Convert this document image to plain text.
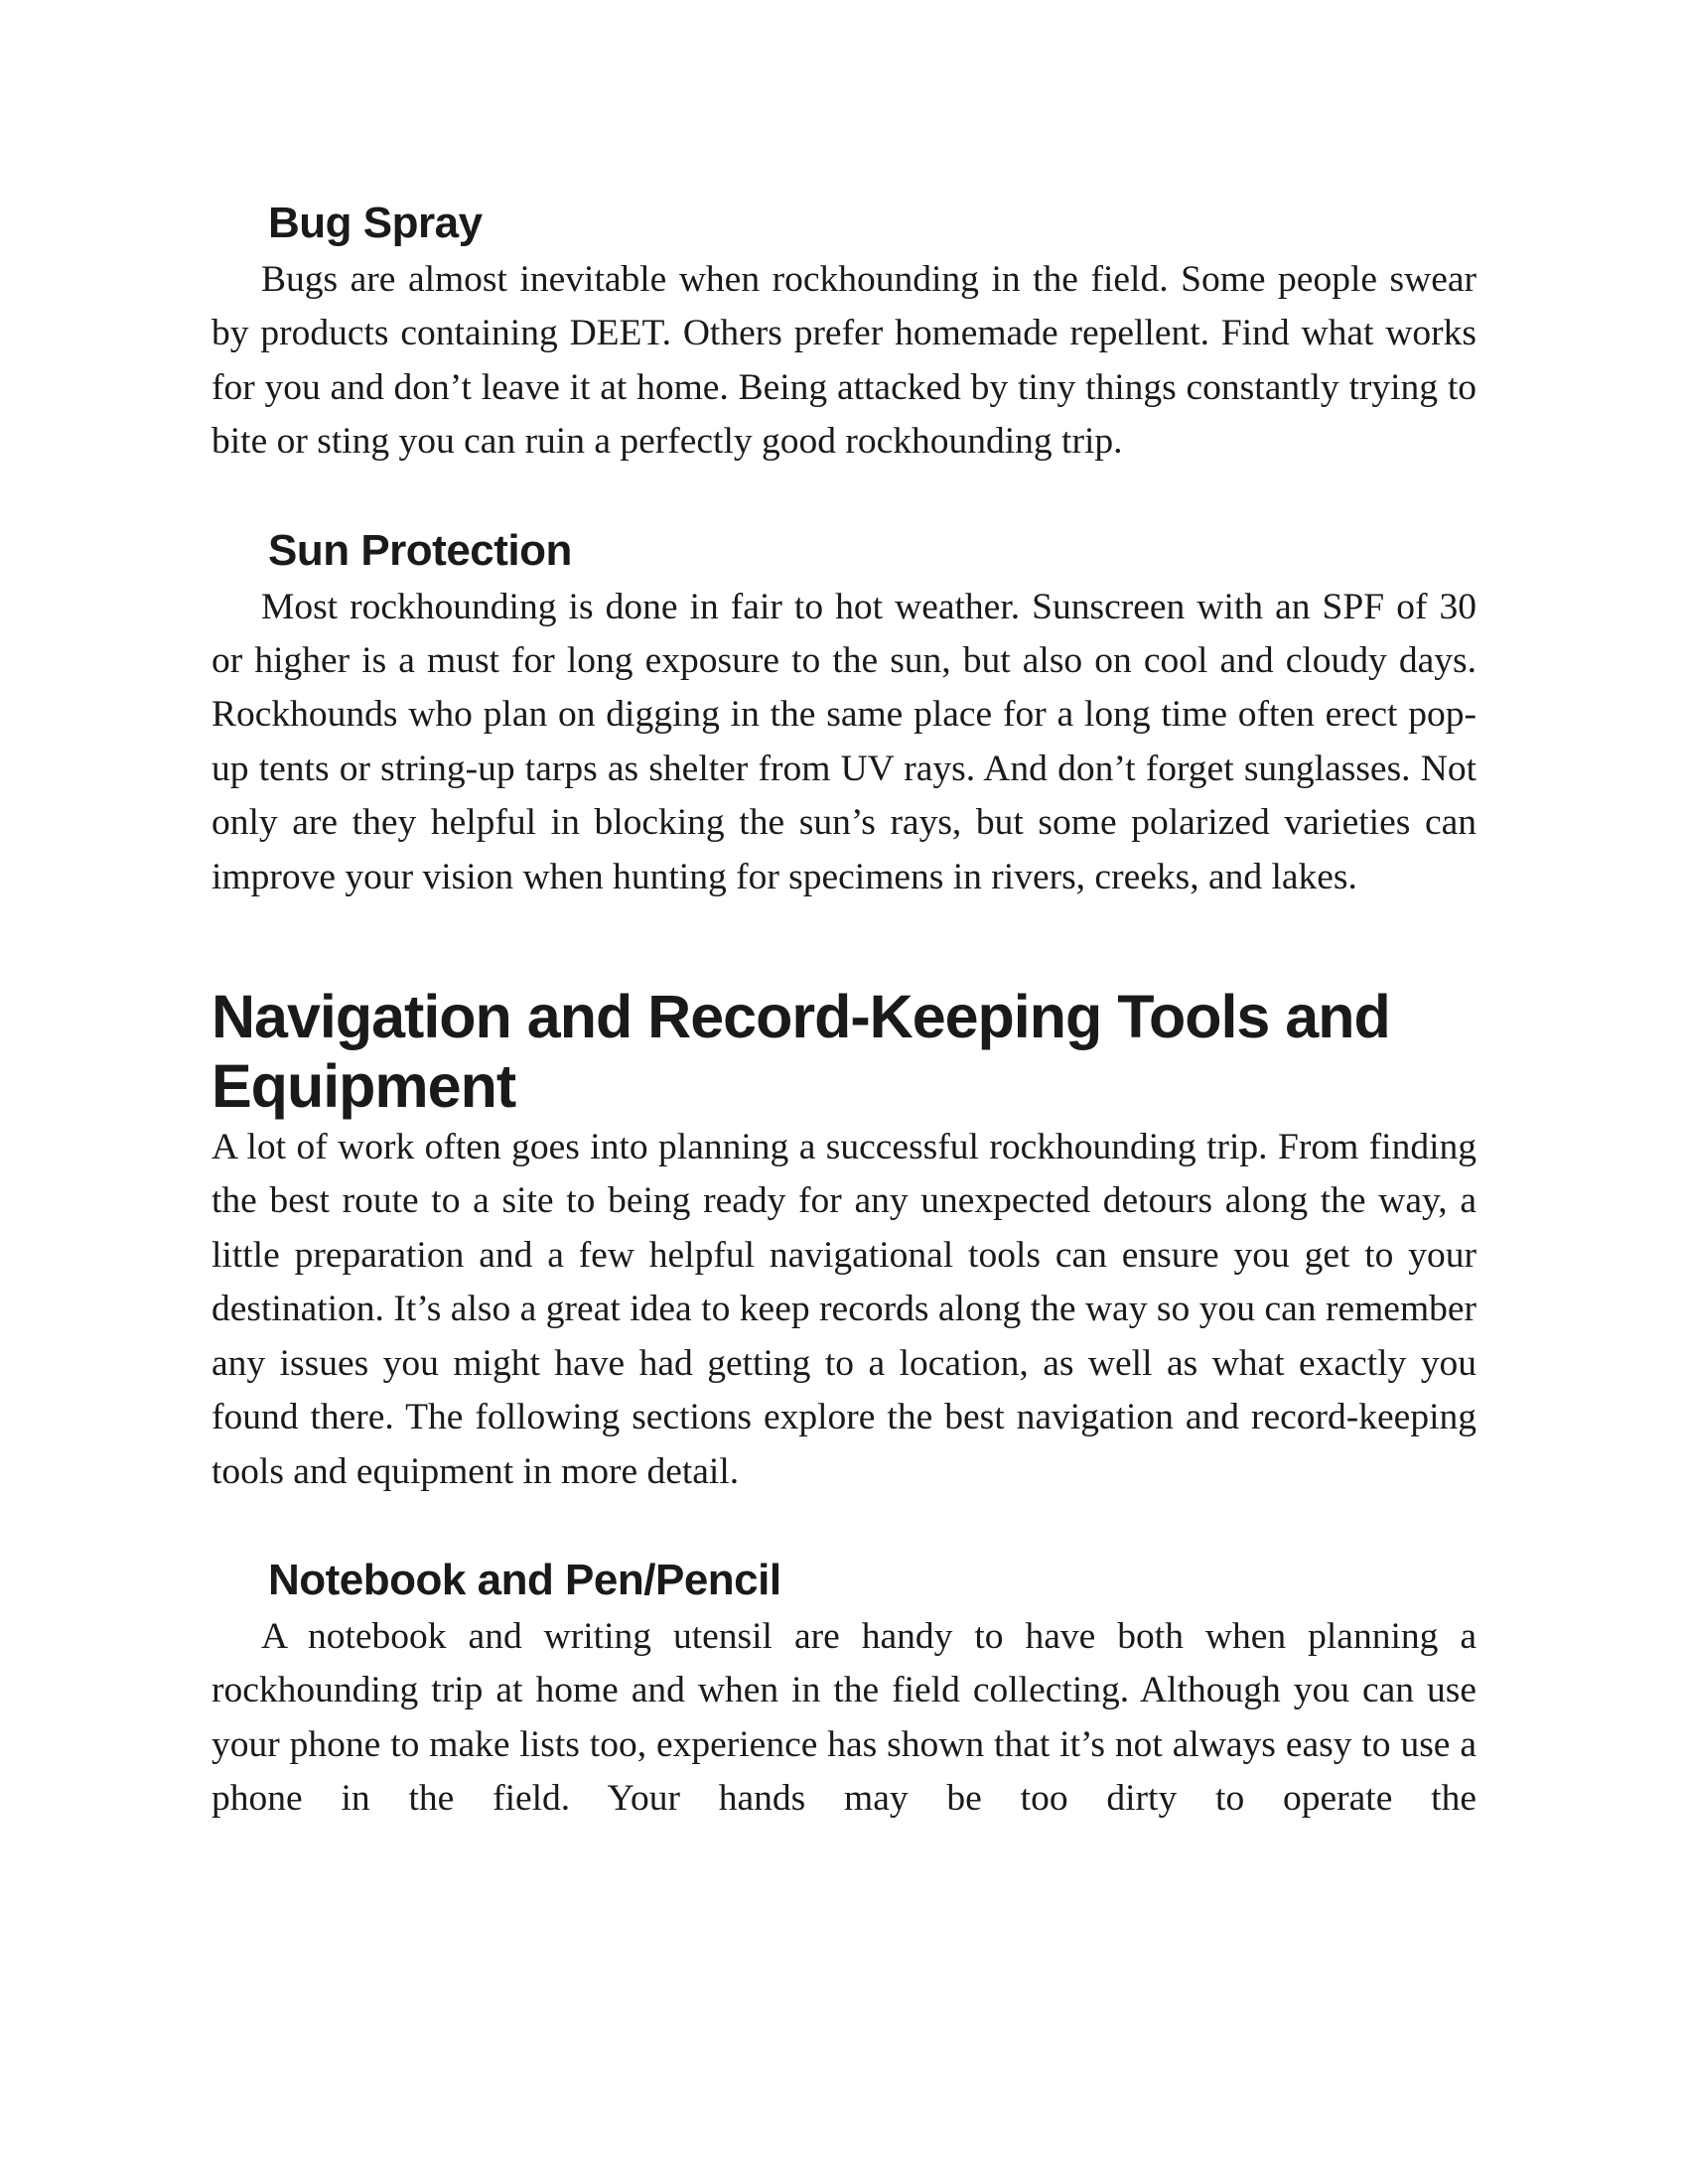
Bug Spray

Bugs are almost inevitable when rockhounding in the field. Some people swear by products containing DEET. Others prefer homemade repellent. Find what works for you and don’t leave it at home. Being attacked by tiny things constantly trying to bite or sting you can ruin a perfectly good rockhounding trip.

Sun Protection

Most rockhounding is done in fair to hot weather. Sunscreen with an SPF of 30 or higher is a must for long exposure to the sun, but also on cool and cloudy days. Rockhounds who plan on digging in the same place for a long time often erect pop-up tents or string-up tarps as shelter from UV rays. And don’t forget sunglasses. Not only are they helpful in blocking the sun’s rays, but some polarized varieties can improve your vision when hunting for specimens in rivers, creeks, and lakes.

Navigation and Record-Keeping Tools and Equipment

A lot of work often goes into planning a successful rockhounding trip. From finding the best route to a site to being ready for any unexpected detours along the way, a little preparation and a few helpful navigational tools can ensure you get to your destination. It’s also a great idea to keep records along the way so you can remember any issues you might have had getting to a location, as well as what exactly you found there. The following sections explore the best navigation and record-keeping tools and equipment in more detail.

Notebook and Pen/Pencil

A notebook and writing utensil are handy to have both when planning a rockhounding trip at home and when in the field collecting. Although you can use your phone to make lists too, experience has shown that it’s not always easy to use a phone in the field. Your hands may be too dirty to operate the
